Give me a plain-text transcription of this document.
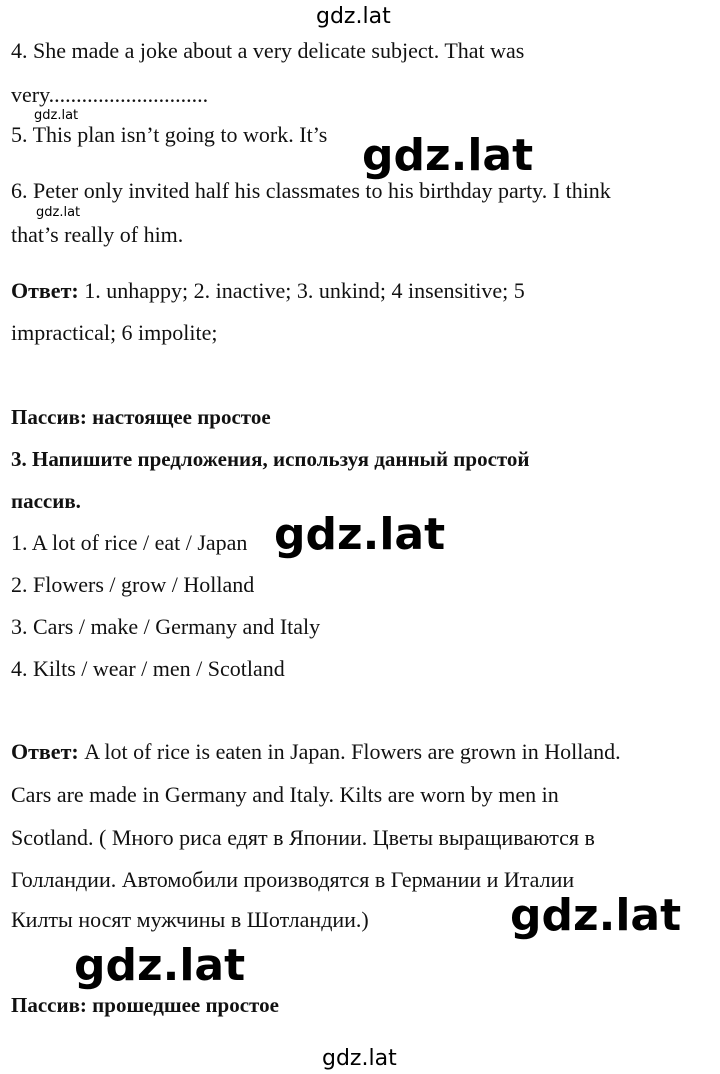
gdz.lat
4. She made a joke about a very delicate subject. That was
very.............................
gdz.lat
5. This plan isn’t going to work. It’s gdz.lat
6. Peter only invited half his classmates to his birthday party. I think
gdz.lat
that’s really of him.
Ответ: 1. unhappy; 2. inactive; 3. unkind; 4 insensitive; 5
impractical; 6 impolite;
Пассив: настоящее простое
3. Напишите предложения, используя данный простой
пассив.
1. A lot of rice / eat / Japan gdz.lat
2. Flowers / grow / Holland
3. Cars / make / Germany and Italy
4. Kilts / wear / men / Scotland
Ответ: A lot of rice is eaten in Japan. Flowers are grown in Holland.
Cars are made in Germany and Italy. Kilts are worn by men in
Scotland. ( Много риса едят в Японии. Цветы выращиваются в
Голландии. Автомобили производятся в Германии и Италии
Килты носят мужчины в Шотландии.)	gdz.lat
gdz.lat
Пассив: прошедшее простое
gdz.lat
